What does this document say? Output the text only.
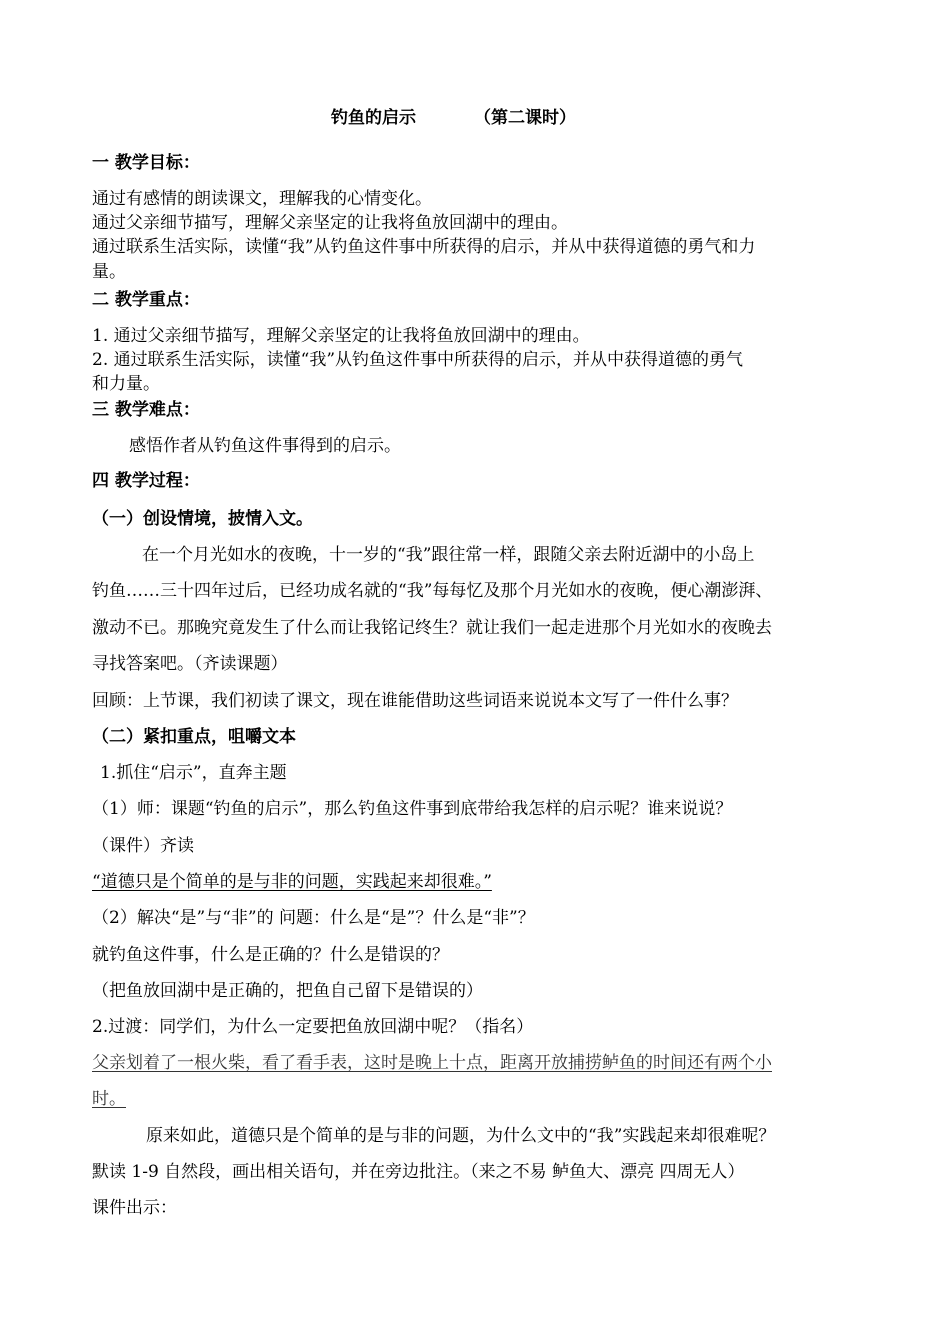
钓鱼的启示	（第二课时）
一 教学目标：
通过有感情的朗读课文，理解我的心情变化。
通过父亲细节描写，理解父亲坚定的让我将鱼放回湖中的理由。
通过联系生活实际，读懂“我”从钓鱼这件事中所获得的启示，并从中获得道德的勇气和力
量。
二 教学重点：
1. 通过父亲细节描写，理解父亲坚定的让我将鱼放回湖中的理由。
2. 通过联系生活实际，读懂“我”从钓鱼这件事中所获得的启示，并从中获得道德的勇气
和力量。
三 教学难点：
感悟作者从钓鱼这件事得到的启示。
四 教学过程：
（一）创设情境，披情入文。
在一个月光如水的夜晚，十一岁的“我”跟往常一样，跟随父亲去附近湖中的小岛上
钓鱼……三十四年过后，已经功成名就的“我”每每忆及那个月光如水的夜晚，便心潮澎湃、
激动不已。那晚究竟发生了什么而让我铭记终生？就让我们一起走进那个月光如水的夜晚去
寻找答案吧。（齐读课题）
回顾：上节课，我们初读了课文，现在谁能借助这些词语来说说本文写了一件什么事？
（二）紧扣重点，咀嚼文本
1.抓住“启示”，直奔主题
（1）师：课题“钓鱼的启示”，那么钓鱼这件事到底带给我怎样的启示呢？谁来说说？
（课件）齐读
“道德只是个简单的是与非的问题，实践起来却很难。”
（2）解决“是”与“非”的 问题：什么是“是”？什么是“非”？
就钓鱼这件事，什么是正确的？什么是错误的？
（把鱼放回湖中是正确的，把鱼自己留下是错误的）
2.过渡：同学们，为什么一定要把鱼放回湖中呢？（指名）
父亲划着了一根火柴，看了看手表，这时是晚上十点，距离开放捕捞鲈鱼的时间还有两个小
时。
原来如此，道德只是个简单的是与非的问题，为什么文中的“我”实践起来却很难呢？
默读 1-9 自然段，画出相关语句，并在旁边批注。（来之不易 鲈鱼大、漂亮 四周无人）
课件出示：
